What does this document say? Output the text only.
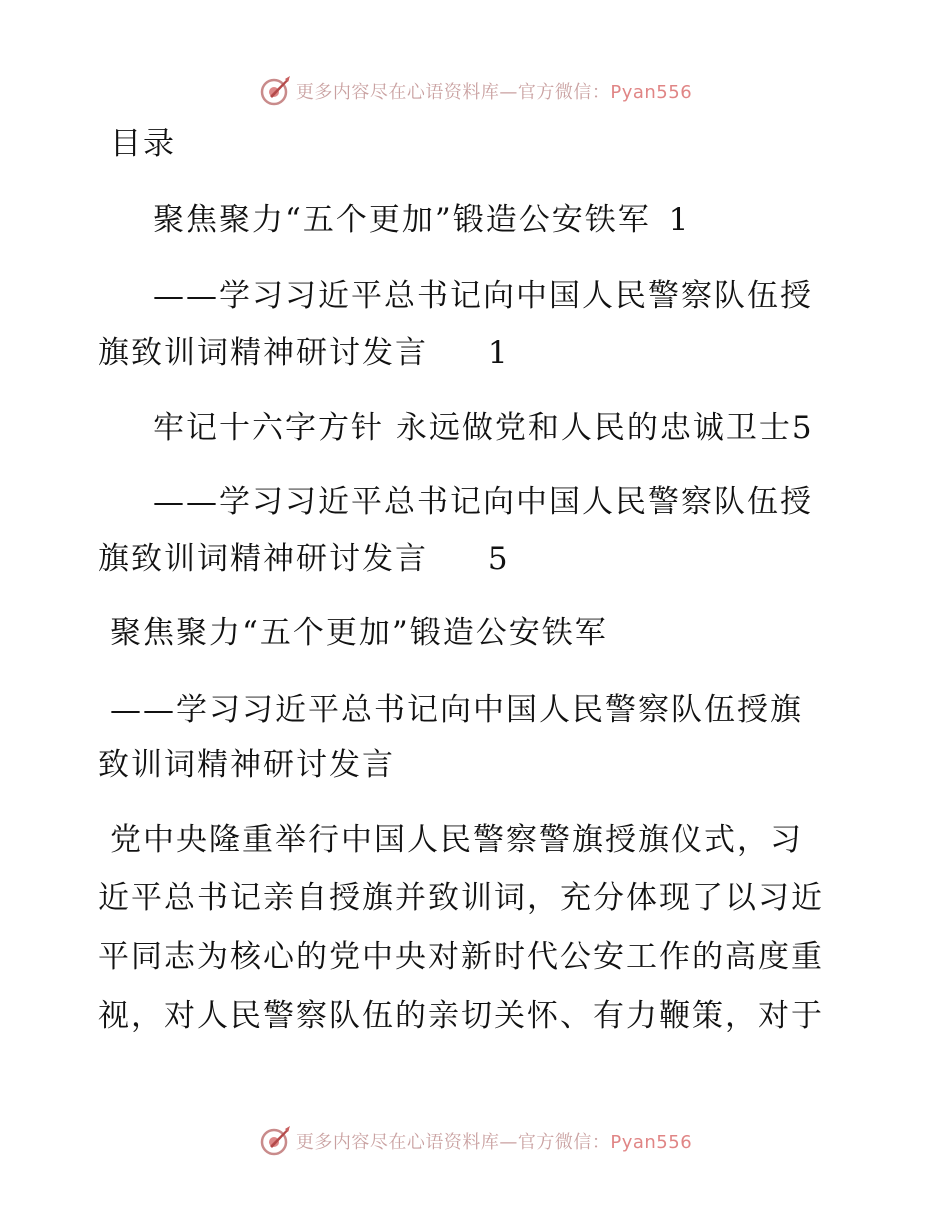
更多内容尽在心语资料库—官方微信：Pyan556

目录

聚焦聚力“五个更加”锻造公安铁军 1

——学习习近平总书记向中国人民警察队伍授

旗致训词精神研讨发言 1

牢记十六字方针 永远做党和人民的忠诚卫士5

——学习习近平总书记向中国人民警察队伍授

旗致训词精神研讨发言 5

聚焦聚力“五个更加”锻造公安铁军

——学习习近平总书记向中国人民警察队伍授旗

致训词精神研讨发言

党中央隆重举行中国人民警察警旗授旗仪式，习

近平总书记亲自授旗并致训词，充分体现了以习近

平同志为核心的党中央对新时代公安工作的高度重

视，对人民警察队伍的亲切关怀、有力鞭策，对于

更多内容尽在心语资料库—官方微信：Pyan556
